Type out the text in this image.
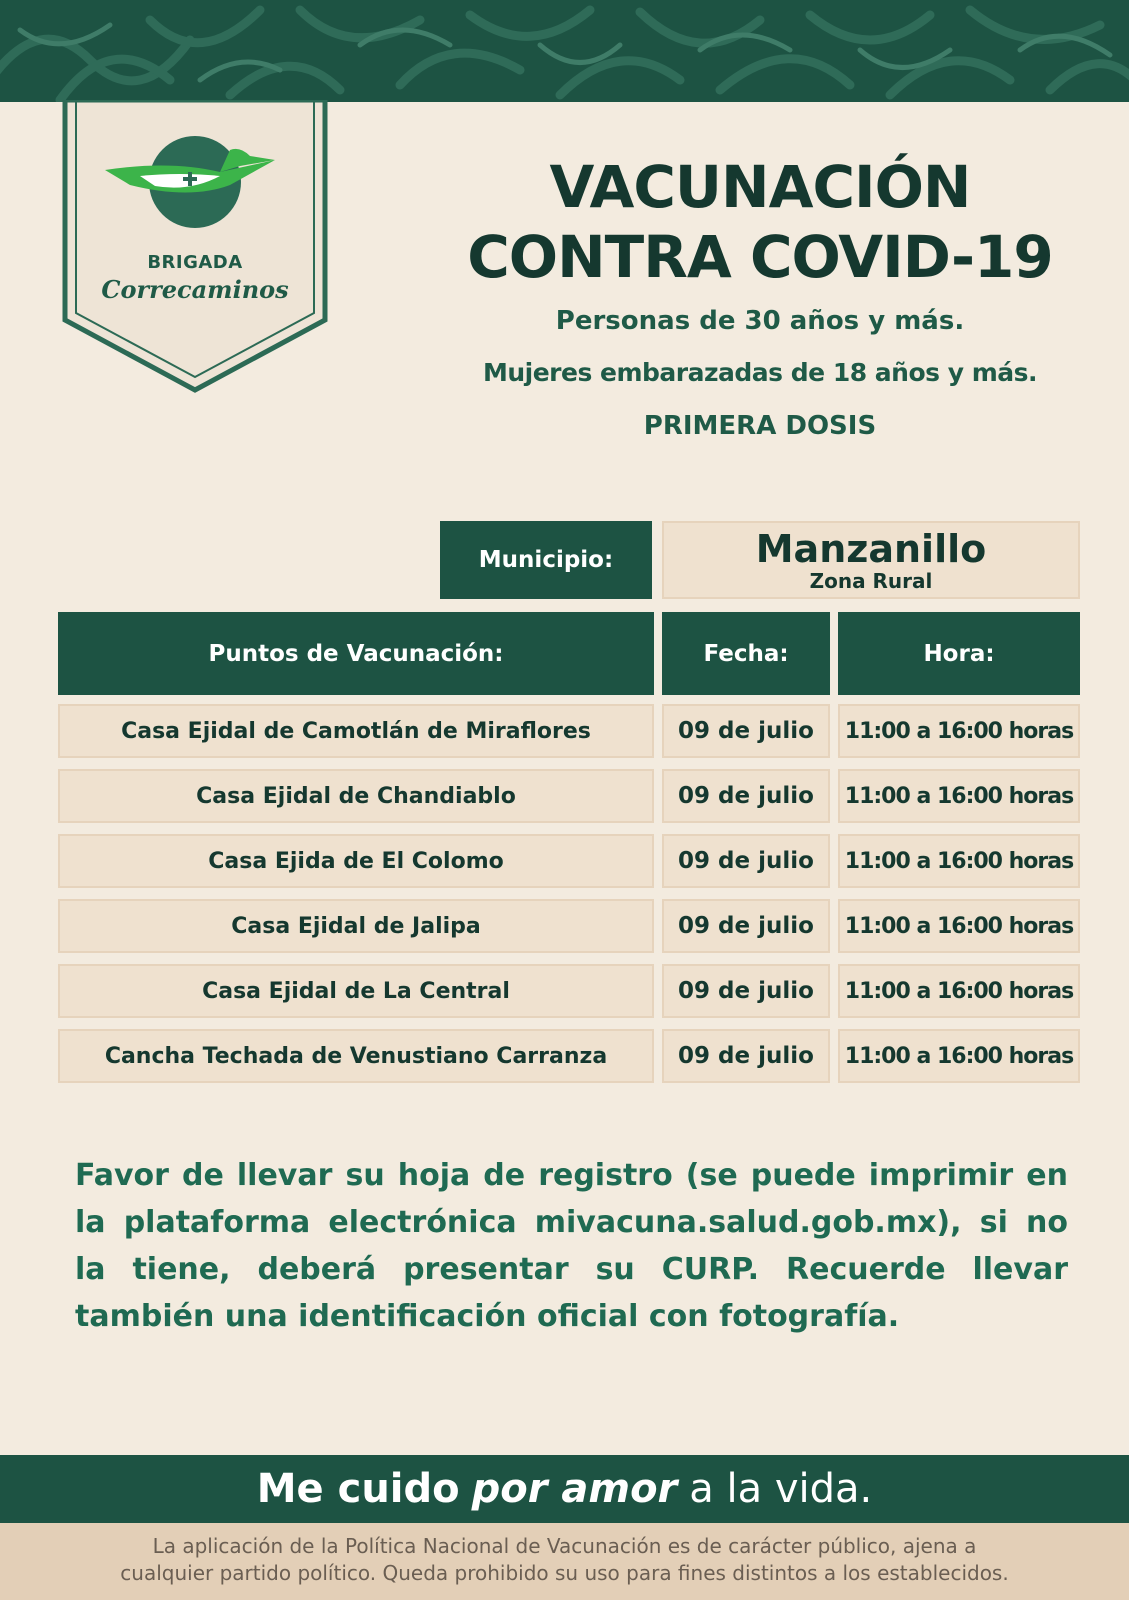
BRIGADA
Correcaminos
VACUNACIÓN
CONTRA COVID-19
Personas de 30 años y más.
Mujeres embarazadas de 18 años y más.
PRIMERA DOSIS
Municipio:	Manzanillo
Zona Rural
Puntos de Vacunación:	Fecha:	Hora:
Casa Ejidal de Camotlán de Miraflores	09 de julio	11:00 a 16:00 horas
Casa Ejidal de Chandiablo	09 de julio	11:00 a 16:00 horas
Casa Ejida de El Colomo	09 de julio	11:00 a 16:00 horas
Casa Ejidal de Jalipa	09 de julio	11:00 a 16:00 horas
Casa Ejidal de La Central	09 de julio	11:00 a 16:00 horas
Cancha Techada de Venustiano Carranza	09 de julio	11:00 a 16:00 horas
Favor de llevar su hoja de registro (se puede imprimir en la plataforma electrónica mivacuna.salud.gob.mx), si no la tiene, deberá presentar su CURP. Recuerde llevar también una identificación oficial con fotografía.
Me cuido por amor a la vida.
La aplicación de la Política Nacional de Vacunación es de carácter público, ajena a
cualquier partido político. Queda prohibido su uso para fines distintos a los establecidos.
